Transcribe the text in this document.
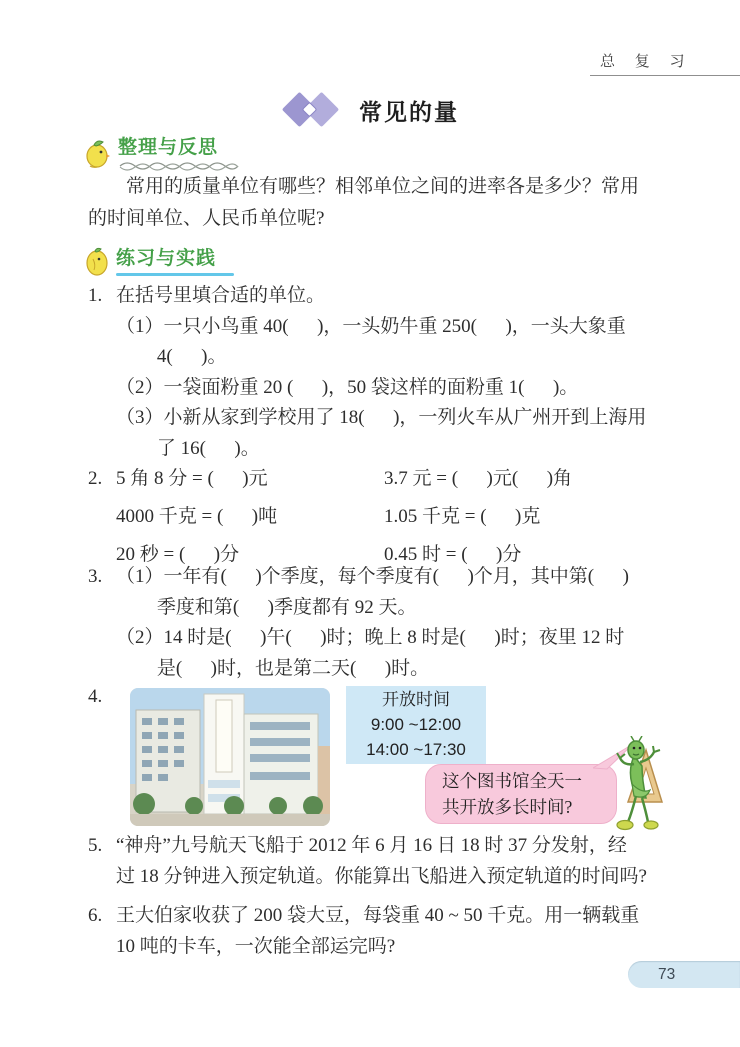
总 复 习
常见的量
整理与反思
常用的质量单位有哪些？相邻单位之间的进率各是多少？常用
的时间单位、人民币单位呢?
练习与实践
1. 在括号里填合适的单位。
（1）一只小鸟重 40(      )，一头奶牛重 250(      )，一头大象重
4(      )。
（2）一袋面粉重 20 (      )，50 袋这样的面粉重 1(      )。
（3）小新从家到学校用了 18(      )，一列火车从广州开到上海用
了 16(      )。
2. 5 角 8 分 = (      )元	3.7 元 = (      )元(      )角
4000 千克 = (      )吨	1.05 千克 = (      )克
20 秒 = (      )分	0.45 时 = (      )分
3. （1）一年有(      )个季度，每个季度有(      )个月，其中第(      )
季度和第(      )季度都有 92 天。
（2）14 时是(      )午(      )时；晚上 8 时是(      )时；夜里 12 时
是(      )时，也是第二天(      )时。
4.	开放时间
9:00 ~12:00
14:00 ~17:30
这个图书馆全天一
共开放多长时间?
5. “神舟”九号航天飞船于 2012 年 6 月 16 日 18 时 37 分发射，经
过 18 分钟进入预定轨道。你能算出飞船进入预定轨道的时间吗?
6. 王大伯家收获了 200 袋大豆，每袋重 40 ~ 50 千克。用一辆载重
10 吨的卡车，一次能全部运完吗?
73
